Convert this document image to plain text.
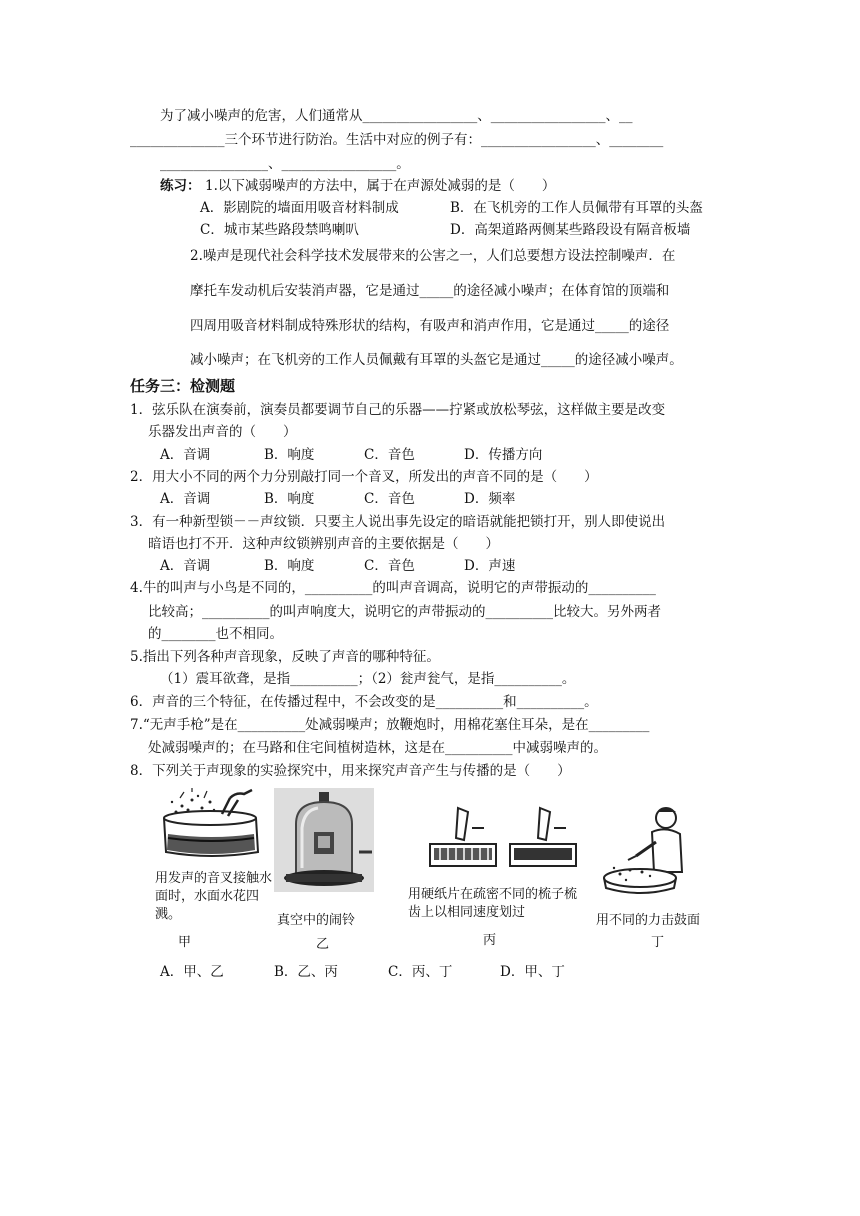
为了减小噪声的危害，人们通常从_________________、_________________、__
______________三个环节进行防治。生活中对应的例子有：_________________、________
________________、_________________。
练习： 1.以下减弱噪声的方法中，属于在声源处减弱的是（　　）
A．影剧院的墙面用吸音材料制成	B．在飞机旁的工作人员佩带有耳罩的头盔
C．城市某些路段禁鸣喇叭	D．高架道路两侧某些路段设有隔音板墙
2.噪声是现代社会科学技术发展带来的公害之一，人们总要想方设法控制噪声．在
摩托车发动机后安装消声器，它是通过_____的途径减小噪声；在体育馆的顶端和
四周用吸音材料制成特殊形状的结构，有吸声和消声作用，它是通过_____的途径
减小噪声；在飞机旁的工作人员佩戴有耳罩的头盔它是通过_____的途径减小噪声。
任务三：检测题
1．弦乐队在演奏前，演奏员都要调节自己的乐器——拧紧或放松琴弦，这样做主要是改变
乐器发出声音的（　　）
A．音调	B．响度	C．音色	D．传播方向
2．用大小不同的两个力分别敲打同一个音叉，所发出的声音不同的是（　　）
A．音调	B．响度	C．音色	D．频率
3．有一种新型锁－－声纹锁．只要主人说出事先设定的暗语就能把锁打开，别人即使说出
暗语也打不开．这种声纹锁辨别声音的主要依据是（　　）
A．音调	B．响度	C．音色	D．声速
4.牛的叫声与小鸟是不同的，__________的叫声音调高，说明它的声带振动的__________
比较高；__________的叫声响度大，说明它的声带振动的__________比较大。另外两者
的________也不相同。
5.指出下列各种声音现象，反映了声音的哪种特征。
（1）震耳欲聋，是指__________；（2）瓮声瓮气，是指__________。
6．声音的三个特征，在传播过程中，不会改变的是__________和__________。
7.“无声手枪”是在__________处减弱噪声；放鞭炮时，用棉花塞住耳朵，是在_________
处减弱噪声的；在马路和住宅间植树造林，这是在__________中减弱噪声的。
8．下列关于声现象的实验探究中，用来探究声音产生与传播的是（　　）
用发声的音叉接触水面时，水面水花四溅。
甲
真空中的闹铃
乙
用硬纸片在疏密不同的梳子梳齿上以相同速度划过
丙
用不同的力击鼓面
丁
A．甲、乙	B．乙、丙	C．丙、丁	D．甲、丁
